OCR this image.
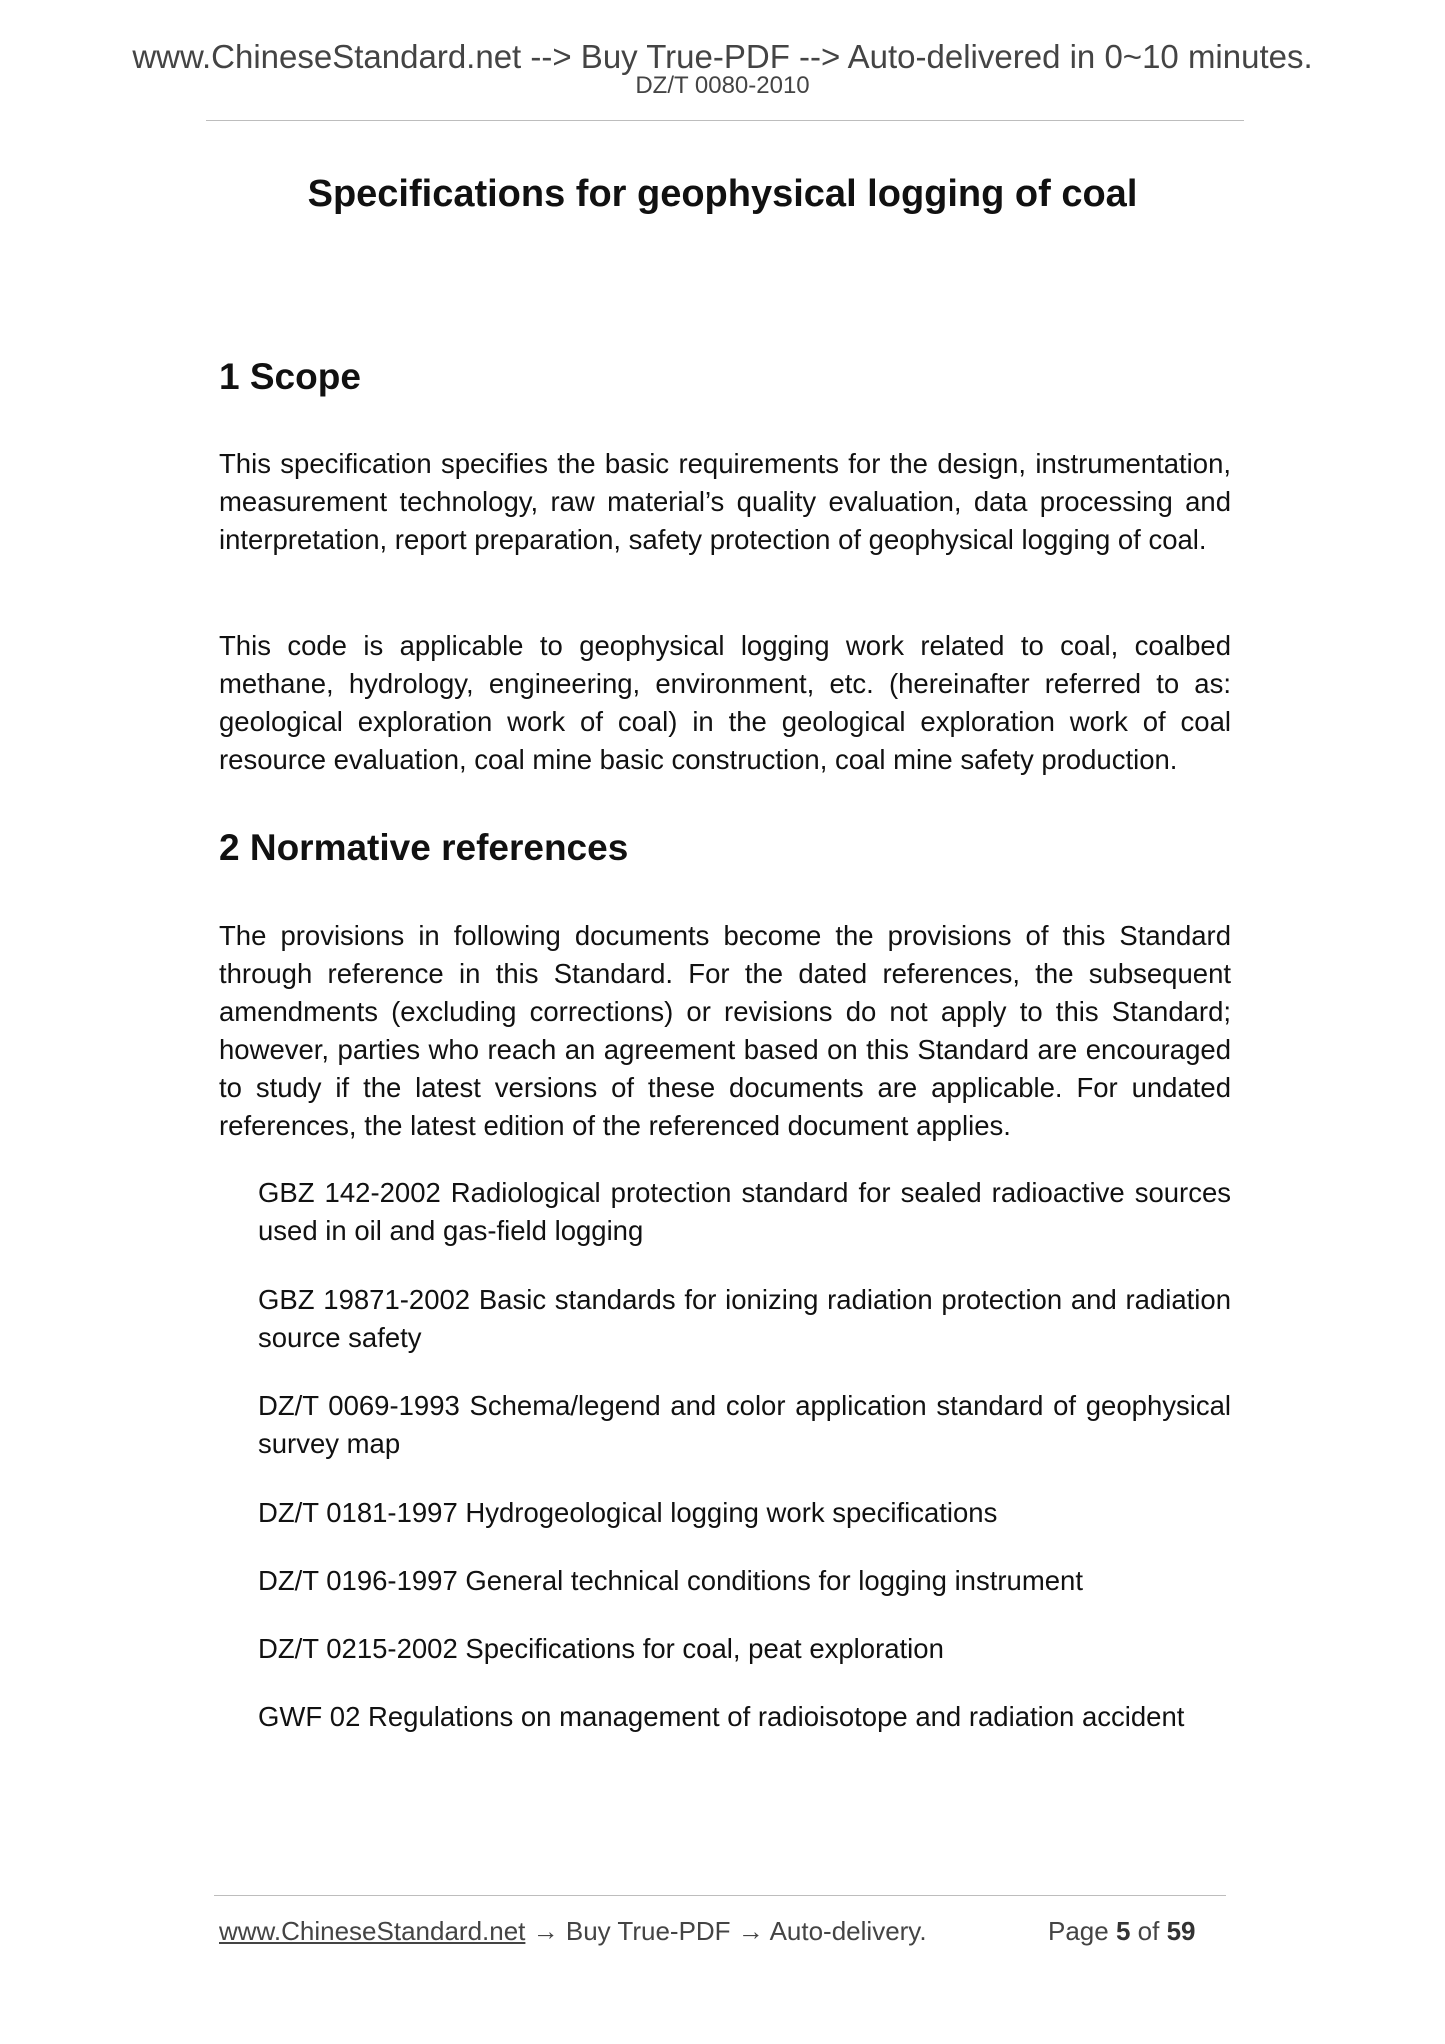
www.ChineseStandard.net --> Buy True-PDF --> Auto-delivered in 0~10 minutes.
DZ/T 0080-2010
Specifications for geophysical logging of coal
1 Scope
This specification specifies the basic requirements for the design, instrumentation, measurement technology, raw material’s quality evaluation, data processing and interpretation, report preparation, safety protection of geophysical logging of coal.
This code is applicable to geophysical logging work related to coal, coalbed methane, hydrology, engineering, environment, etc. (hereinafter referred to as: geological exploration work of coal) in the geological exploration work of coal resource evaluation, coal mine basic construction, coal mine safety production.
2 Normative references
The provisions in following documents become the provisions of this Standard through reference in this Standard. For the dated references, the subsequent amendments (excluding corrections) or revisions do not apply to this Standard; however, parties who reach an agreement based on this Standard are encouraged to study if the latest versions of these documents are applicable. For undated references, the latest edition of the referenced document applies.
GBZ 142-2002 Radiological protection standard for sealed radioactive sources used in oil and gas-field logging
GBZ 19871-2002 Basic standards for ionizing radiation protection and radiation source safety
DZ/T 0069-1993 Schema/legend and color application standard of geophysical survey map
DZ/T 0181-1997 Hydrogeological logging work specifications
DZ/T 0196-1997 General technical conditions for logging instrument
DZ/T 0215-2002 Specifications for coal, peat exploration
GWF 02 Regulations on management of radioisotope and radiation accident
www.ChineseStandard.net → Buy True-PDF → Auto-delivery.	Page 5 of 59
